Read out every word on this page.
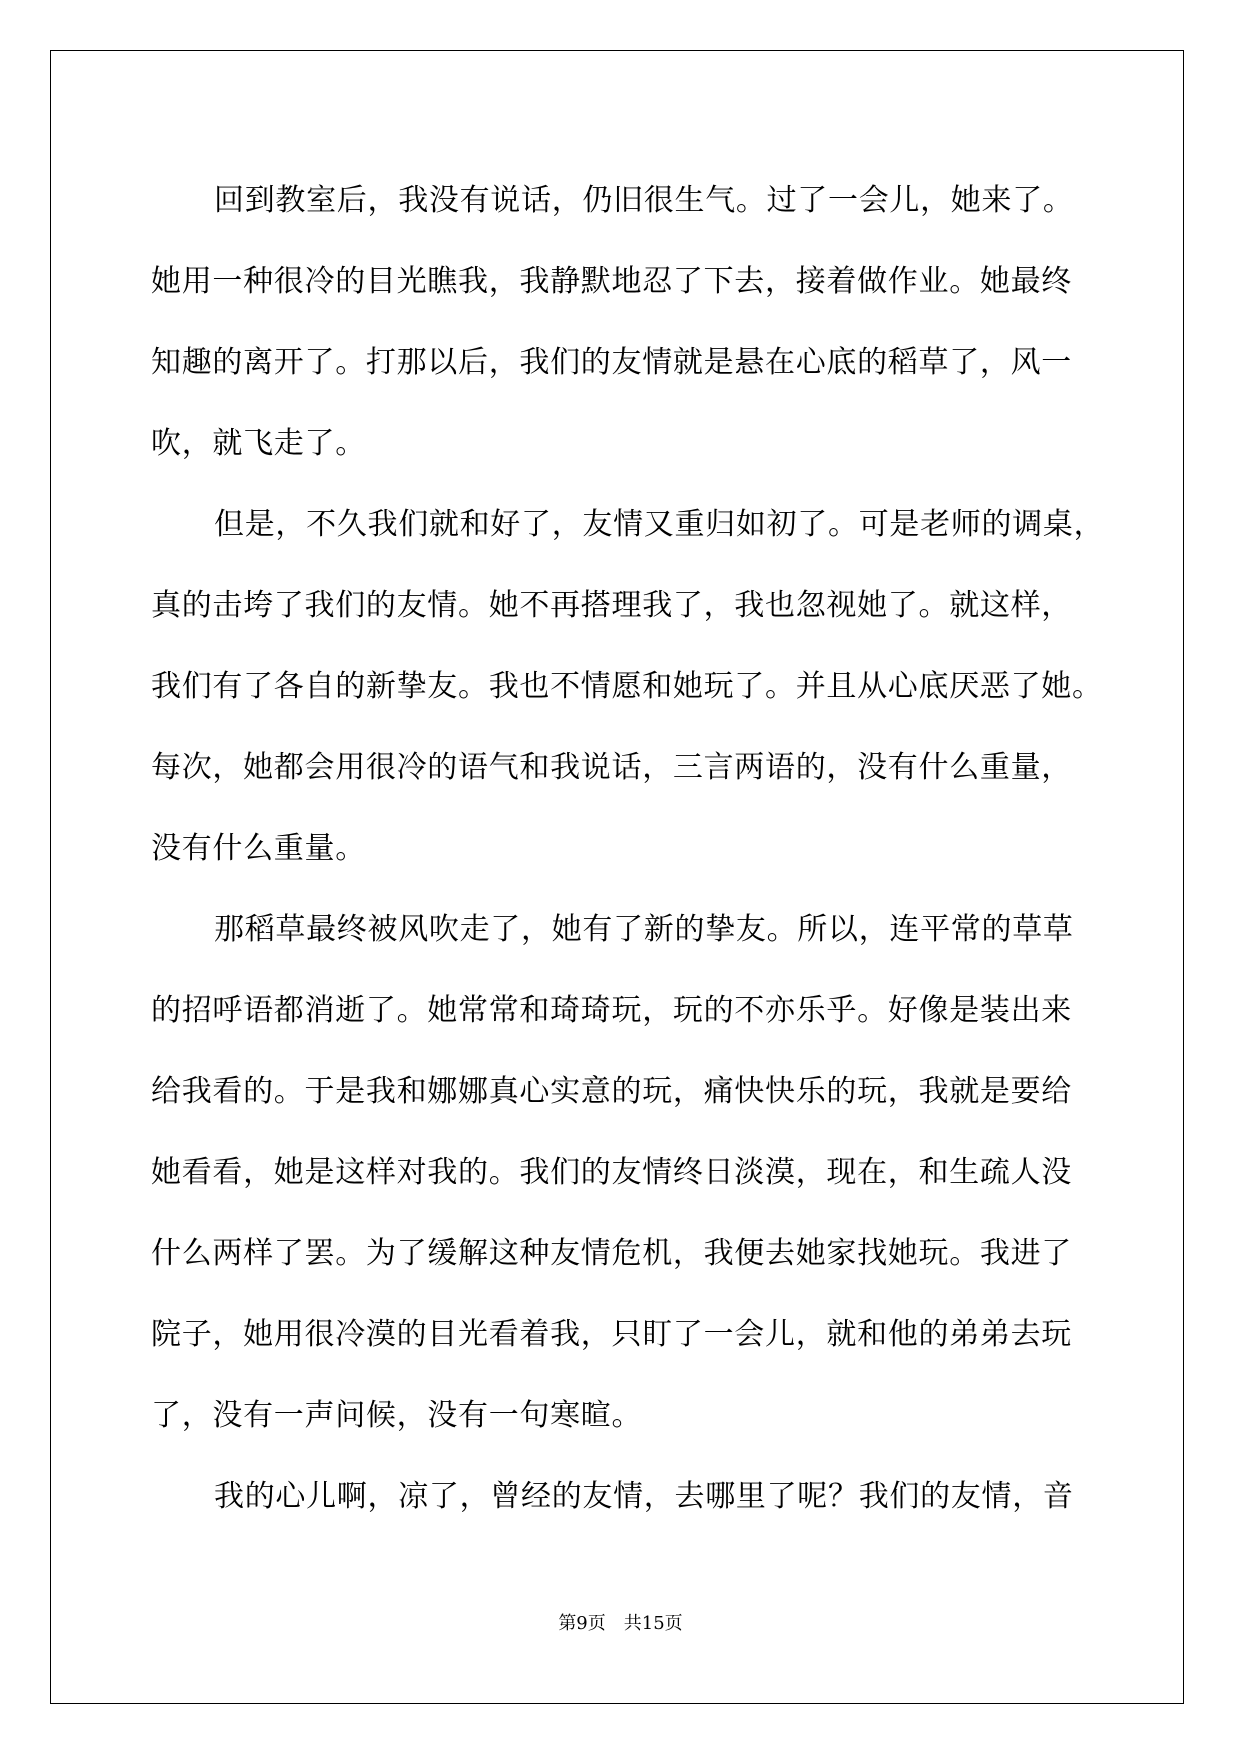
回到教室后，我没有说话，仍旧很生气。过了一会儿，她来了。
她用一种很冷的目光瞧我，我静默地忍了下去，接着做作业。她最终
知趣的离开了。打那以后，我们的友情就是悬在心底的稻草了，风一
吹，就飞走了。
但是，不久我们就和好了，友情又重归如初了。可是老师的调桌，
真的击垮了我们的友情。她不再搭理我了，我也忽视她了。就这样，
我们有了各自的新挚友。我也不情愿和她玩了。并且从心底厌恶了她。
每次，她都会用很冷的语气和我说话，三言两语的，没有什么重量，
没有什么重量。
那稻草最终被风吹走了，她有了新的挚友。所以，连平常的草草
的招呼语都消逝了。她常常和琦琦玩，玩的不亦乐乎。好像是装出来
给我看的。于是我和娜娜真心实意的玩，痛快快乐的玩，我就是要给
她看看，她是这样对我的。我们的友情终日淡漠，现在，和生疏人没
什么两样了罢。为了缓解这种友情危机，我便去她家找她玩。我进了
院子，她用很冷漠的目光看着我，只盯了一会儿，就和他的弟弟去玩
了，没有一声问候，没有一句寒暄。
我的心儿啊，凉了，曾经的友情，去哪里了呢？我们的友情，音
第9页 共15页
